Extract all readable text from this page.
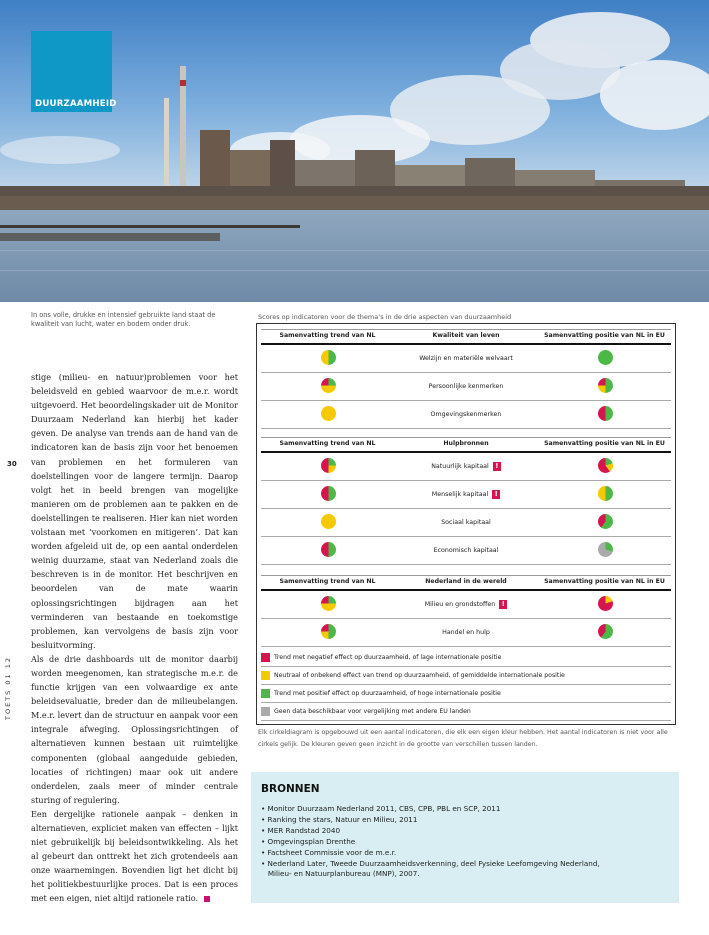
DUURZAAMHEID
In ons volle, drukke en intensief gebruikte land staat de kwaliteit van lucht, water en bodem onder druk.
30
TOETS 01 12

stige (milieu- en natuur)problemen voor het beleidsveld en gebied waarvoor de m.e.r. wordt uitgevoerd. Het beoordelingskader uit de Monitor Duurzaam Nederland kan hierbij het kader geven. De analyse van trends aan de hand van de indicatoren kan de basis zijn voor het benoemen van problemen en het formuleren van doelstellingen voor de langere termijn. Daarop volgt het in beeld brengen van mogelijke manieren om de problemen aan te pakken en de doelstellingen te realiseren. Hier kan niet worden volstaan met ‘voorkomen en mitigeren’. Dat kan worden afgeleid uit de, op een aantal onderdelen weinig duurzame, staat van Nederland zoals die beschreven is in de monitor. Het beschrijven en beoordelen van de mate waarin oplossingsrichtingen bijdragen aan het verminderen van bestaande en toekomstige problemen, kan vervolgens de basis zijn voor besluitvorming.

Als de drie dashboards uit de monitor daarbij worden meegenomen, kan strategische m.e.r. de functie krijgen van een volwaardige ex ante beleidsevaluatie, breder dan de milieubelangen. M.e.r. levert dan de structuur en aanpak voor een integrale afweging. Oplossingsrichtingen of alternatieven kunnen bestaan uit ruimtelijke componenten (globaal aangeduide gebieden, locaties of richtingen) maar ook uit andere onderdelen, zaals meer of minder centrale sturing of regulering.

Een dergelijke rationele aanpak – denken in alternatieven, expliciet maken van effecten – lijkt niet gebruikelijk bij beleidsontwikkeling. Als het al gebeurt dan onttrekt het zich grotendeels aan onze waarnemingen. Bovendien ligt het dicht bij het politiekbestuurlijke proces. Dat is een proces met een eigen, niet altijd rationele ratio.

Scores op indicatoren voor de thema’s in de drie aspecten van duurzaamheid
Samenvatting trend van NL	Kwaliteit van leven	Samenvatting positie van NL in EU
Welzijn en materiële welvaart
Persoonlijke kenmerken
Omgevingskenmerken
Samenvatting trend van NL	Hulpbronnen	Samenvatting positie van NL in EU
Natuurlijk kapitaal !
Menselijk kapitaal !
Sociaal kapitaal
Economisch kapitaal
Samenvatting trend van NL	Nederland in de wereld	Samenvatting positie van NL in EU
Milieu en grondstoffen !
Handel en hulp
Trend met negatief effect op duurzaamheid, of lage internationale positie
Neutraal of onbekend effect van trend op duurzaamheid, of gemiddelde internationale positie
Trend met positief effect op duurzaamheid, of hoge internationale positie
Geen data beschikbaar voor vergelijking met andere EU landen
Elk cirkeldiagram is opgebouwd uit een aantal indicatoren, die elk een eigen kleur hebben. Het aantal indicatoren is niet voor alle cirkels gelijk. De kleuren geven geen inzicht in de grootte van verschillen tussen landen.
BRONNEN
• Monitor Duurzaam Nederland 2011, CBS, CPB, PBL en SCP, 2011
• Ranking the stars, Natuur en Milieu, 2011
• MER Randstad 2040
• Omgevingsplan Drenthe
• Factsheet Commissie voor de m.e.r.
• Nederland Later, Tweede Duurzaamheidsverkenning, deel Fysieke Leefomgeving Nederland,
Milieu- en Natuurplanbureau (MNP), 2007.
